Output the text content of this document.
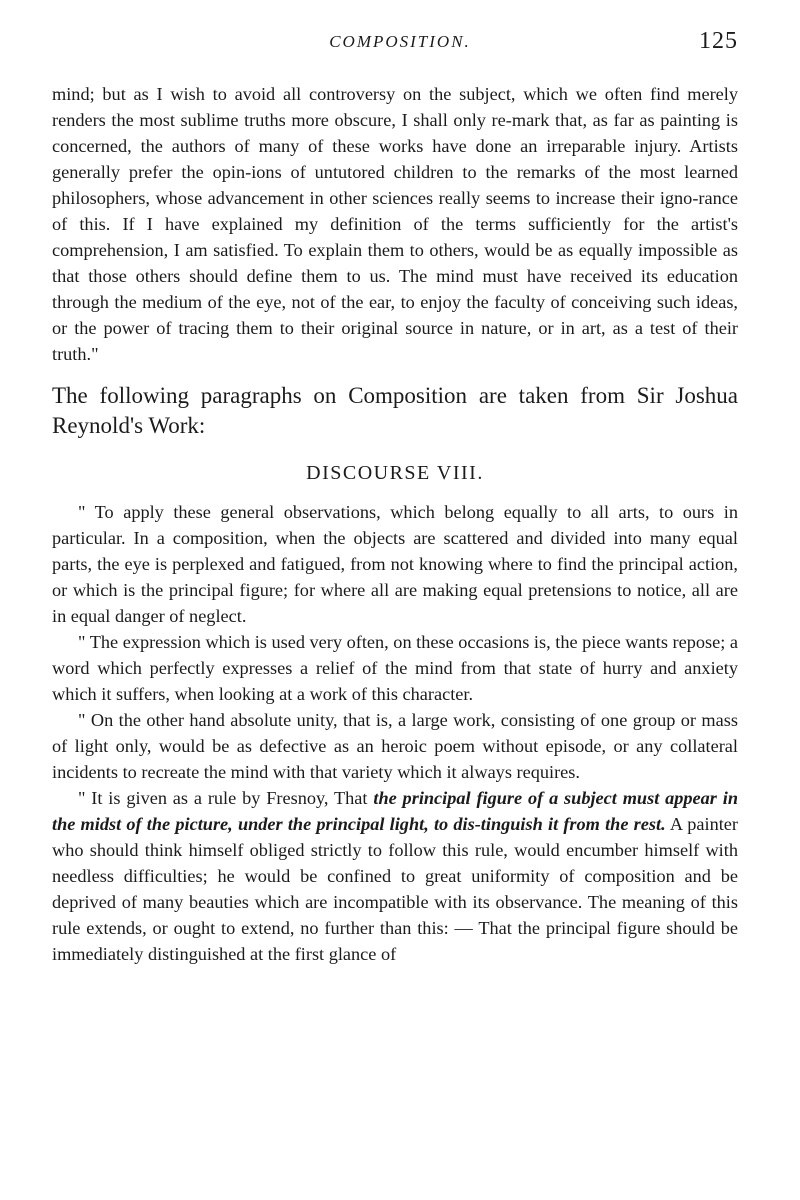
COMPOSITION.	125

mind; but as I wish to avoid all controversy on the subject, which we often find merely renders the most sublime truths more obscure, I shall only re-mark that, as far as painting is concerned, the authors of many of these works have done an irreparable injury. Artists generally prefer the opin-ions of untutored children to the remarks of the most learned philosophers, whose advancement in other sciences really seems to increase their igno-rance of this. If I have explained my definition of the terms sufficiently for the artist's comprehension, I am satisfied. To explain them to others, would be as equally impossible as that those others should define them to us. The mind must have received its education through the medium of the eye, not of the ear, to enjoy the faculty of conceiving such ideas, or the power of tracing them to their original source in nature, or in art, as a test of their truth."

The following paragraphs on Composition are taken from Sir Joshua Reynold's Work:

DISCOURSE VIII.

" To apply these general observations, which belong equally to all arts, to ours in particular. In a composition, when the objects are scattered and divided into many equal parts, the eye is perplexed and fatigued, from not knowing where to find the principal action, or which is the principal figure; for where all are making equal pretensions to notice, all are in equal danger of neglect.

" The expression which is used very often, on these occasions is, the piece wants repose; a word which perfectly expresses a relief of the mind from that state of hurry and anxiety which it suffers, when looking at a work of this character.

" On the other hand absolute unity, that is, a large work, consisting of one group or mass of light only, would be as defective as an heroic poem without episode, or any collateral incidents to recreate the mind with that variety which it always requires.

" It is given as a rule by Fresnoy, That the principal figure of a subject must appear in the midst of the picture, under the principal light, to dis-tinguish it from the rest. A painter who should think himself obliged strictly to follow this rule, would encumber himself with needless difficulties; he would be confined to great uniformity of composition and be deprived of many beauties which are incompatible with its observance. The meaning of this rule extends, or ought to extend, no further than this: — That the principal figure should be immediately distinguished at the first glance of
